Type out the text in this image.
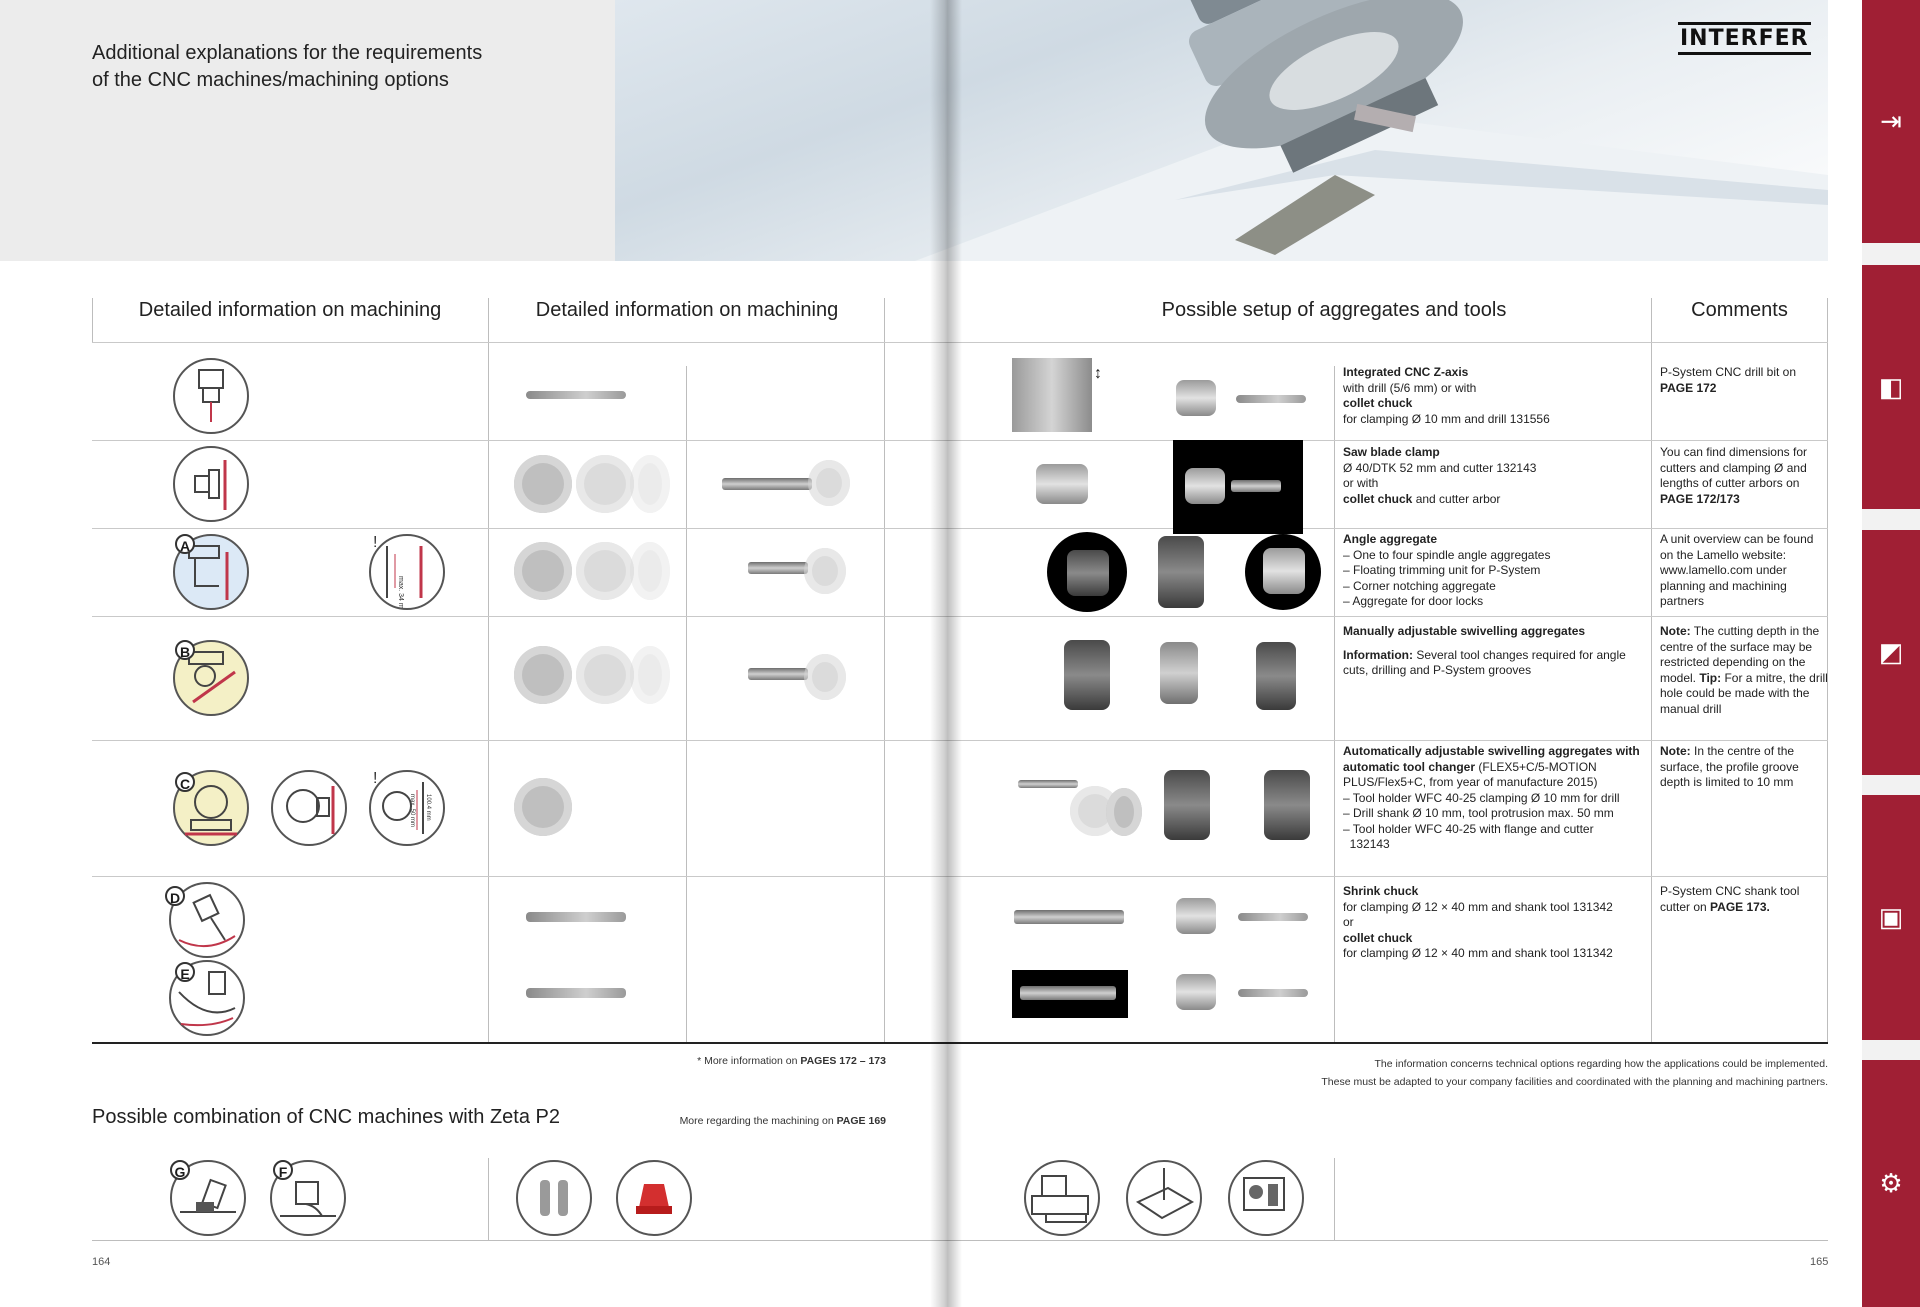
Additional explanations for the requirements
of the CNC machines/machining options
INTERFER
⇥
◧
◩
▣
⚙
Detailed information on machining	Detailed information on machining	Possible setup of aggregates and tools	Comments
↕	Integrated CNC Z-axis
with drill (5/6 mm) or with
collet chuck
for clamping Ø 10 mm and drill 131556
P-System CNC drill bit on
PAGE 172
Saw blade clamp
Ø 40/DTK 52 mm and cutter 132143
or with
collet chuck and cutter arbor
You can find dimensions for cutters and clamping Ø and lengths of cutter arbors on
PAGE 172/173
A
max. 34 mm
!	Angle aggregate
– One to four spindle angle aggregates
– Floating trimming unit for P-System
– Corner notching aggregate
– Aggregate for door locks
A unit overview can be found on the Lamello website: www.lamello.com under planning and machining partners
B
Manually adjustable swivelling aggregates

Information: Several tool changes required for angle cuts, drilling and P-System grooves
Note: The cutting depth in the centre of the surface may be restricted depending on the model. Tip: For a mitre, the drill hole could be made with the manual drill
C
100.4 mm
max. 50 mm
!
Automatically adjustable swivelling aggregates with automatic tool changer (FLEX5+C/5-MOTION PLUS/Flex5+C, from year of manufacture 2015)
– Tool holder WFC 40-25 clamping Ø 10 mm for drill
– Drill shank Ø 10 mm, tool protrusion max. 50 mm
– Tool holder WFC 40-25 with flange and cutter
132143
Note: In the centre of the surface, the profile groove depth is limited to 10 mm
D
E
Shrink chuck
for clamping Ø 12 × 40 mm and shank tool 131342
or
collet chuck
for clamping Ø 12 × 40 mm and shank tool 131342
P-System CNC shank tool cutter on PAGE 173.
* More information on PAGES 172 – 173	The information concerns technical options regarding how the applications could be implemented.
These must be adapted to your company facilities and coordinated with the planning and machining partners.
Possible combination of CNC machines with Zeta P2	More regarding the machining on PAGE 169
G	F
164	165
